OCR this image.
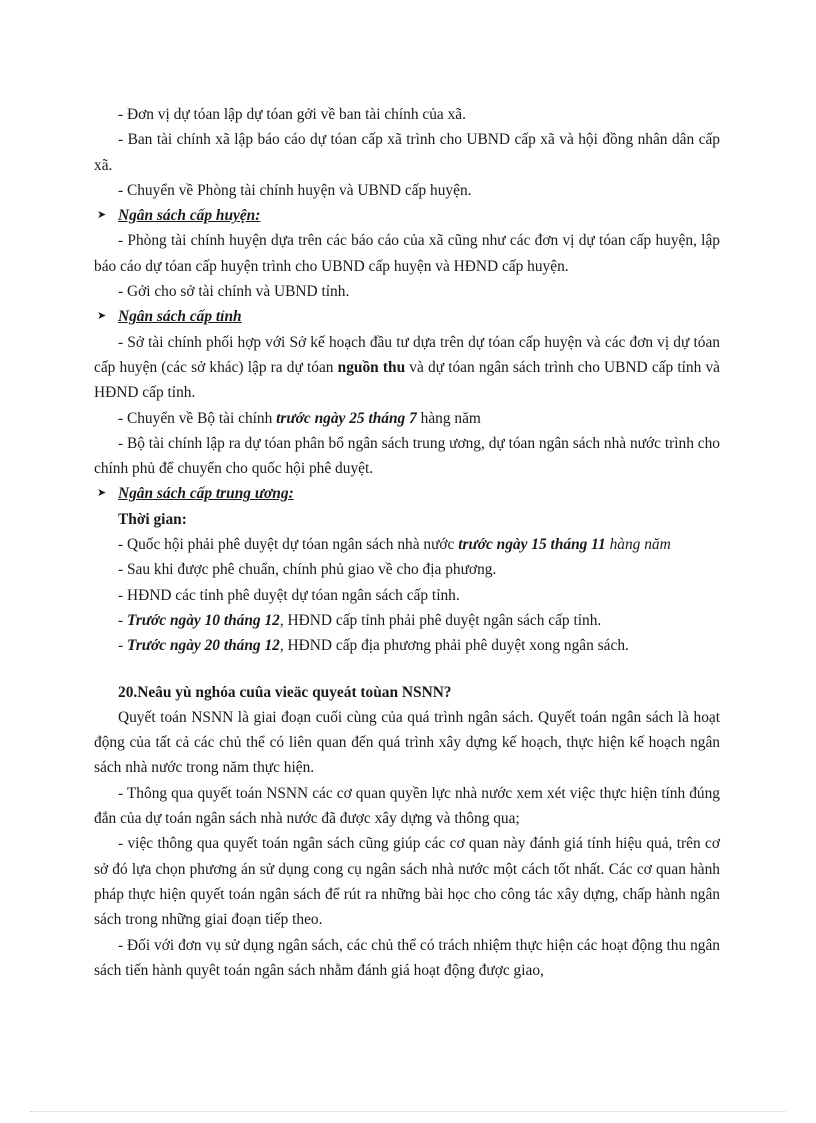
- Đơn vị dự tóan lập dự tóan gởi về ban tài chính của xã.

- Ban tài chính xã lập báo cáo dự tóan cấp xã trình cho UBND cấp xã và hội đồng nhân dân cấp xã.

- Chuyển về Phòng tài chính huyện và UBND cấp huyện.

➤ Ngân sách cấp huyện:

- Phòng tài chính huyện dựa trên các báo cáo của xã cũng như các đơn vị dự tóan cấp huyện, lập báo cáo dự tóan cấp huyện trình cho UBND cấp huyện và HĐND cấp huyện.

- Gởi cho sở tài chính và UBND tỉnh.

➤ Ngân sách cấp tỉnh

- Sở tài chính phối hợp với Sở kế hoạch đầu tư dựa trên dự tóan cấp huyện và các đơn vị dự tóan cấp huyện (các sở khác) lập ra dự tóan nguồn thu và dự tóan ngân sách trình cho UBND cấp tỉnh và HĐND cấp tỉnh.

- Chuyển về Bộ tài chính trước ngày 25 tháng 7 hàng năm

- Bộ tài chính lập ra dự tóan phân bổ ngân sách trung ương, dự tóan ngân sách nhà nước trình cho chính phủ để chuyển cho quốc hội phê duyệt.

➤ Ngân sách cấp trung ương:

Thời gian:

- Quốc hội phải phê duyệt dự tóan ngân sách nhà nước trước ngày 15 tháng 11 hàng năm

- Sau khi được phê chuẩn, chính phủ giao về cho địa phương.

- HĐND các tỉnh phê duyệt dự tóan ngân sách cấp tỉnh.

- Trước ngày 10 tháng 12, HĐND cấp tỉnh phải phê duyệt ngân sách cấp tỉnh.

- Trước ngày 20 tháng 12, HĐND cấp địa phương phải phê duyệt xong ngân sách.

20.Neâu yù nghóa cuûa vieäc quyeát toùan NSNN?

Quyết toán NSNN là giai đoạn cuối cùng của quá trình ngân sách. Quyết toán ngân sách là hoạt động của tất cả các chủ thể có liên quan đến quá trình xây dựng kế hoạch, thực hiện kế hoạch ngân sách nhà nước trong năm thực hiện.

- Thông qua quyết toán NSNN các cơ quan quyền lực nhà nước xem xét việc thực hiện tính đúng đắn của dự toán ngân sách nhà nước đã được xây dựng và thông qua;

- việc thông qua quyết toán ngân sách cũng giúp các cơ quan này đánh giá tính hiệu quả, trên cơ sở đó lựa chọn phương án sử dụng cong cụ ngân sách nhà nước một cách tốt nhất. Các cơ quan hành pháp thực hiện quyết toán ngân sách để rút ra những bài học cho công tác xây dựng, chấp hành ngân sách trong những giai đoạn tiếp theo.

- Đối với đơn vụ sử dụng ngân sách, các chủ thể có trách nhiệm thực hiện các hoạt động thu ngân sách tiến hành quyêt toán ngân sách nhằm đánh giá hoạt động được giao,
